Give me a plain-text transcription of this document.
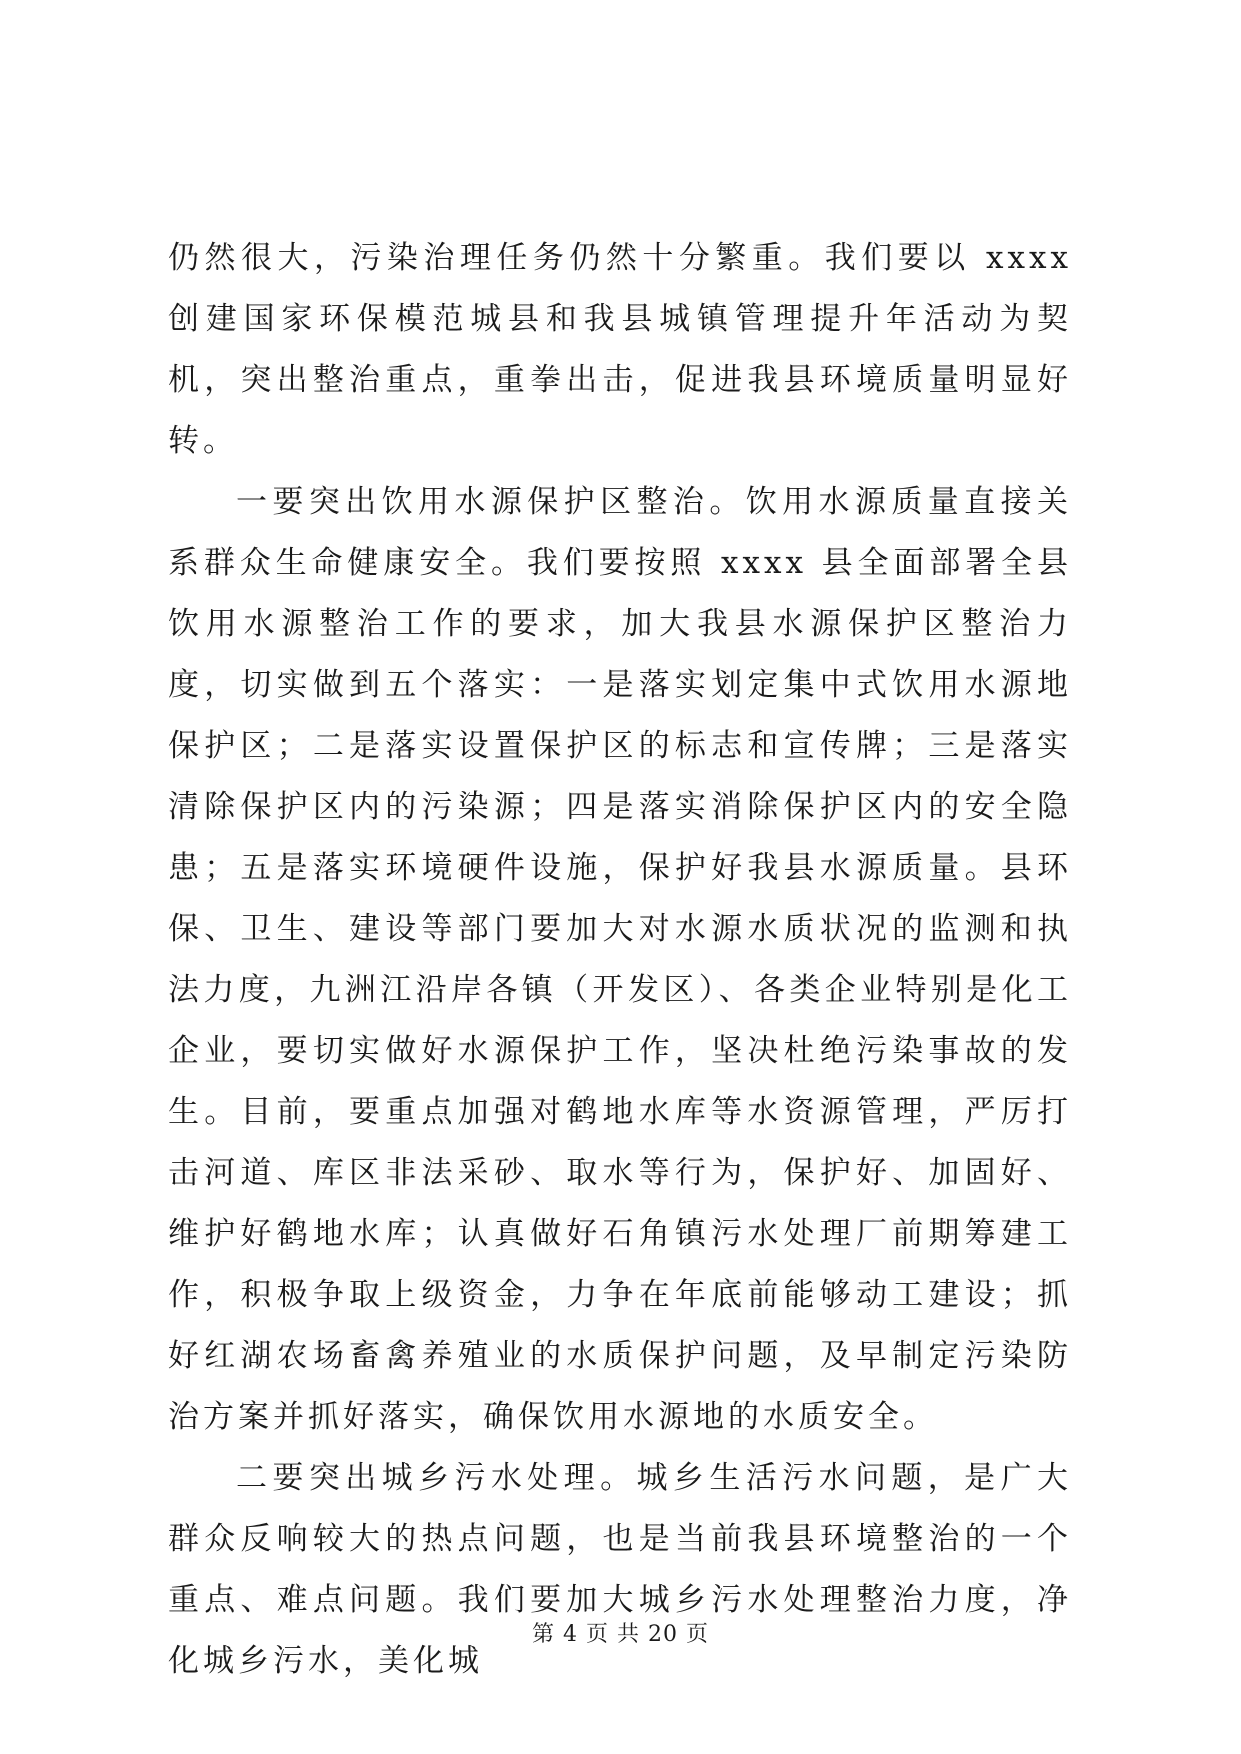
仍然很大，污染治理任务仍然十分繁重。我们要以 xxxx 创建国家环保模范城县和我县城镇管理提升年活动为契机，突出整治重点，重拳出击，促进我县环境质量明显好转。

一要突出饮用水源保护区整治。饮用水源质量直接关系群众生命健康安全。我们要按照 xxxx 县全面部署全县饮用水源整治工作的要求，加大我县水源保护区整治力度，切实做到五个落实：一是落实划定集中式饮用水源地保护区；二是落实设置保护区的标志和宣传牌；三是落实清除保护区内的污染源；四是落实消除保护区内的安全隐患；五是落实环境硬件设施，保护好我县水源质量。县环保、卫生、建设等部门要加大对水源水质状况的监测和执法力度，九洲江沿岸各镇（开发区）、各类企业特别是化工企业，要切实做好水源保护工作，坚决杜绝污染事故的发生。目前，要重点加强对鹤地水库等水资源管理，严厉打击河道、库区非法采砂、取水等行为，保护好、加固好、维护好鹤地水库；认真做好石角镇污水处理厂前期筹建工作，积极争取上级资金，力争在年底前能够动工建设；抓好红湖农场畜禽养殖业的水质保护问题，及早制定污染防治方案并抓好落实，确保饮用水源地的水质安全。

二要突出城乡污水处理。城乡生活污水问题，是广大群众反响较大的热点问题，也是当前我县环境整治的一个重点、难点问题。我们要加大城乡污水处理整治力度，净化城乡污水，美化城

第 4 页 共 20 页
